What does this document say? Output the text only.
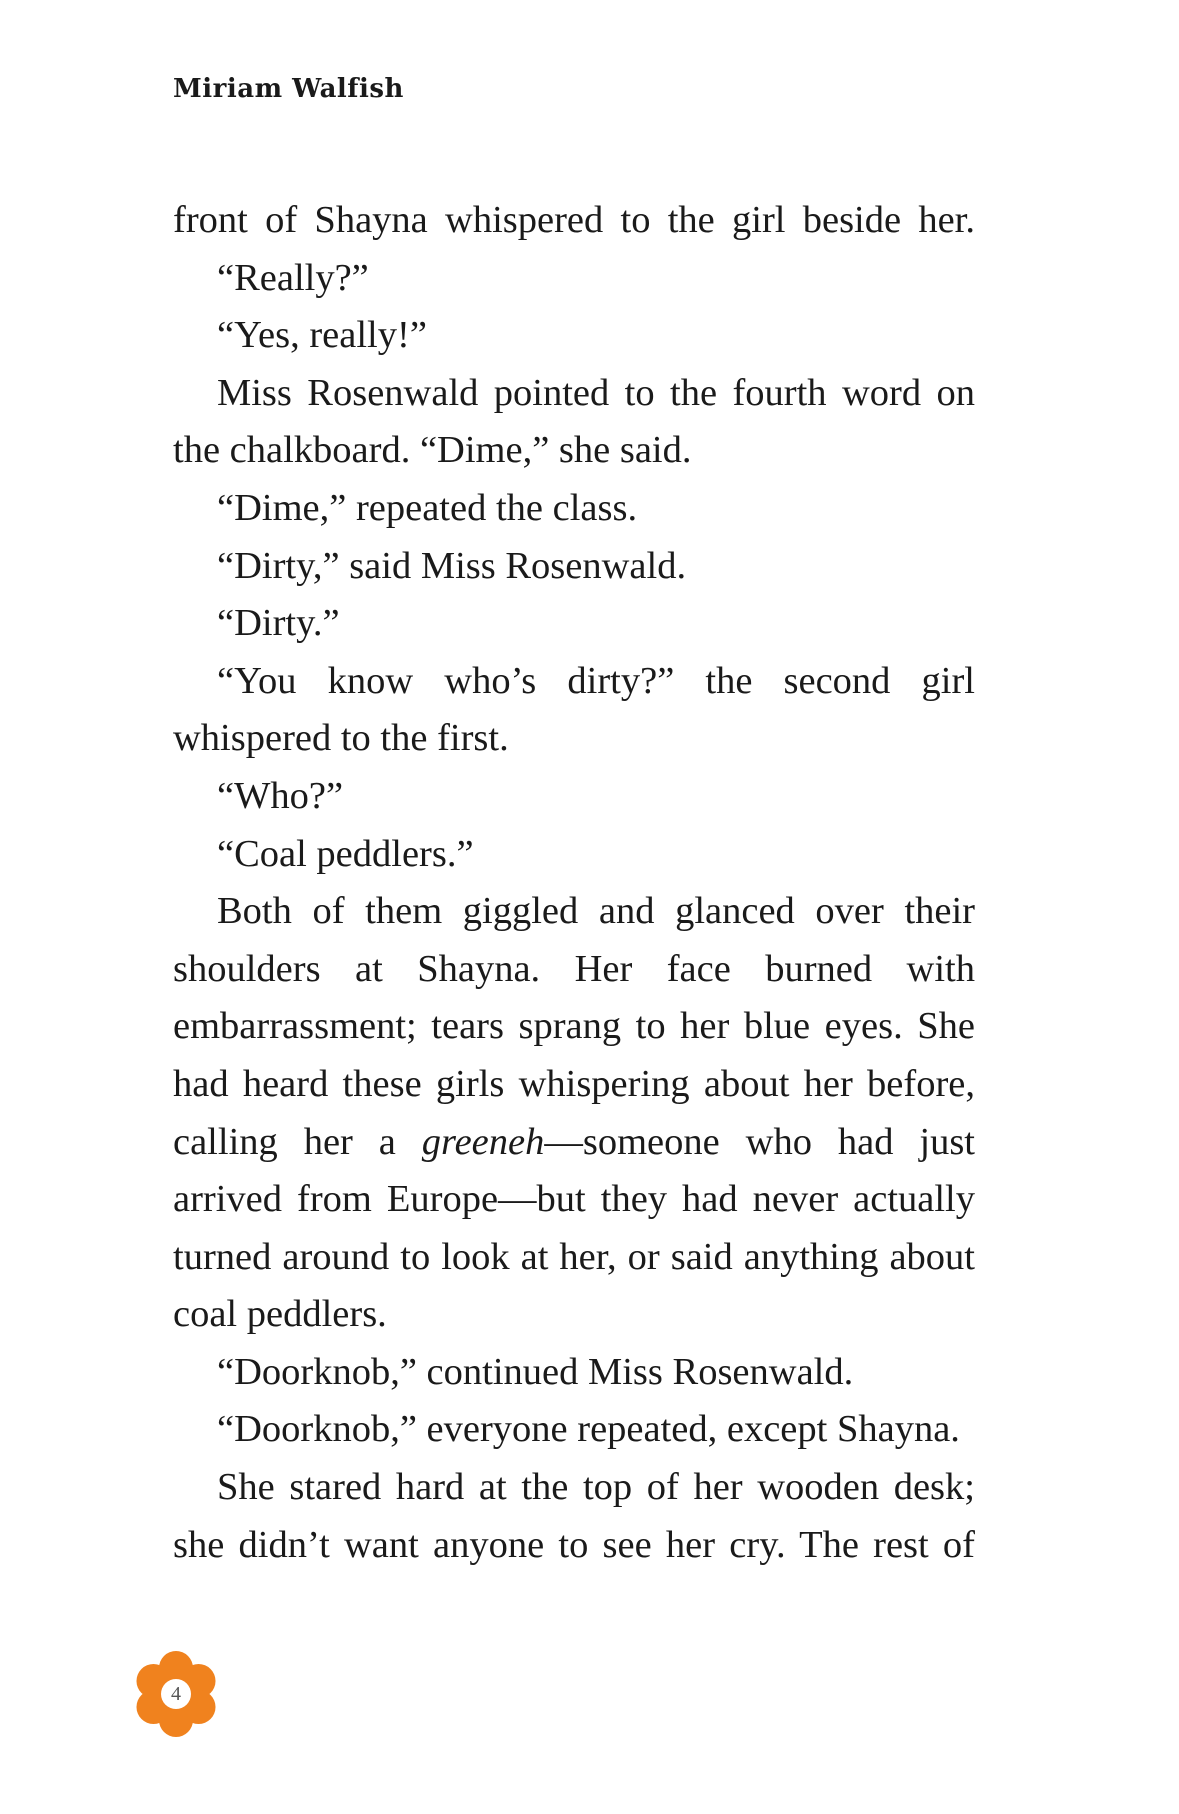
Miriam Walfish

front of Shayna whispered to the girl beside her.

“Really?”

“Yes, really!”

Miss Rosenwald pointed to the fourth word on the chalkboard. “Dime,” she said.

“Dime,” repeated the class.

“Dirty,” said Miss Rosenwald.

“Dirty.”

“You know who’s dirty?” the second girl whispered to the first.

“Who?”

“Coal peddlers.”

Both of them giggled and glanced over their shoulders at Shayna. Her face burned with embarrassment; tears sprang to her blue eyes. She had heard these girls whispering about her before, calling her a greeneh—someone who had just arrived from Europe—but they had never actually turned around to look at her, or said anything about coal peddlers.

“Doorknob,” continued Miss Rosenwald.

“Doorknob,” everyone repeated, except Shayna.

She stared hard at the top of her wooden desk; she didn’t want anyone to see her cry. The rest of

4
